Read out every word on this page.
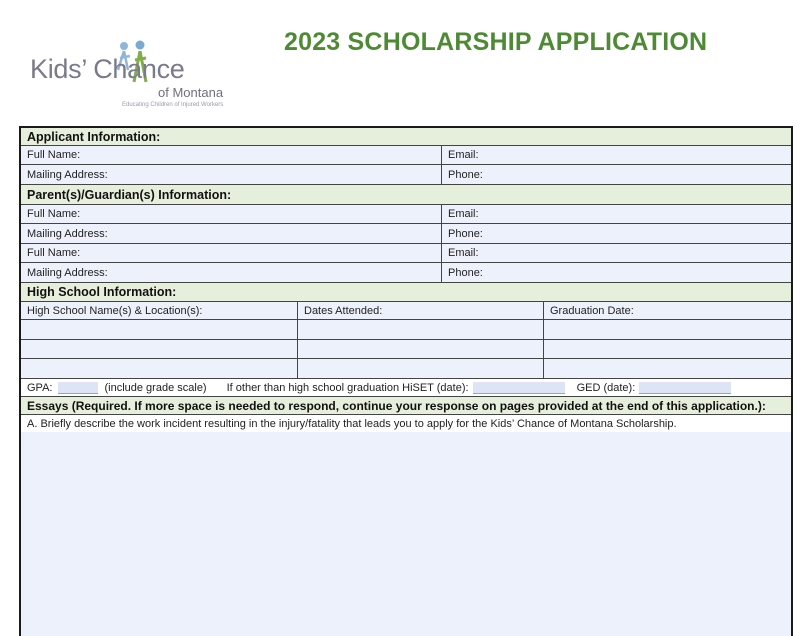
Kids’ Chance
of Montana
Educating Children of Injured Workers
2023 SCHOLARSHIP APPLICATION
Applicant Information:
Full Name:	Email:
Mailing Address:	Phone:
Parent(s)/Guardian(s) Information:
Full Name:	Email:
Mailing Address:	Phone:
Full Name:	Email:
Mailing Address:	Phone:
High School Information:
High School Name(s) & Location(s):	Dates Attended:	Graduation Date:
GPA:	(include grade scale) If other than high school graduation HiSET (date):	GED (date):
Essays (Required. If more space is needed to respond, continue your response on pages provided at the end of this application.):
A. Briefly describe the work incident resulting in the injury/fatality that leads you to apply for the Kids’ Chance of Montana Scholarship.
